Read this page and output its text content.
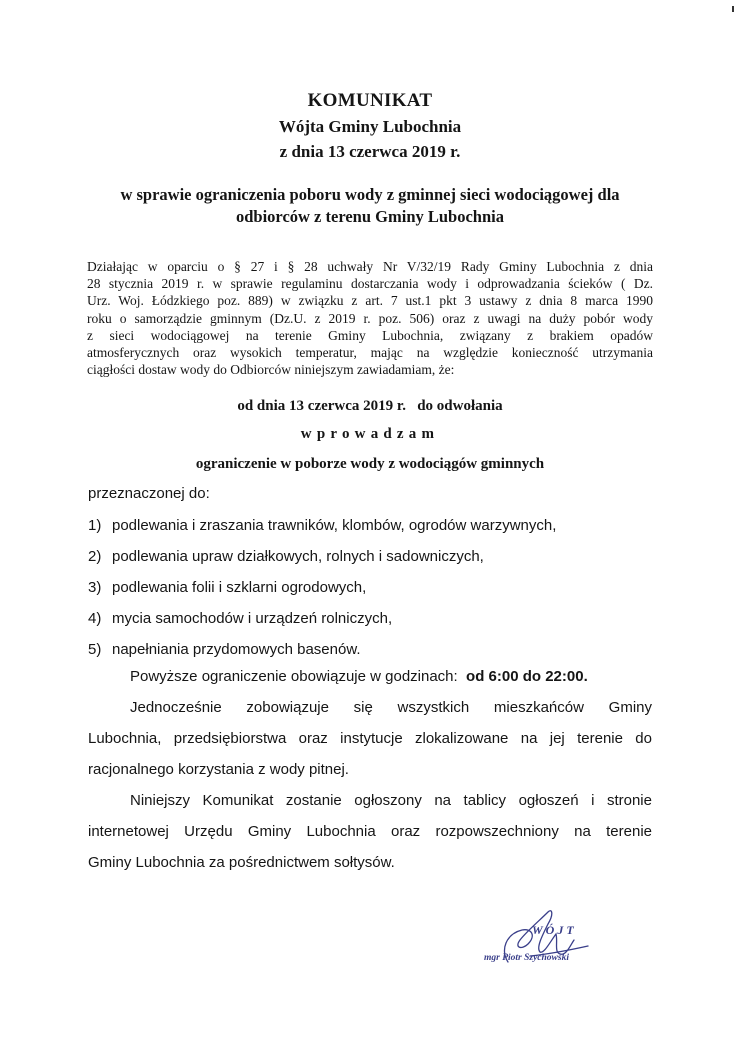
KOMUNIKAT
Wójta Gminy Lubochnia
z dnia 13 czerwca 2019 r.
w sprawie ograniczenia poboru wody z gminnej sieci wodociągowej dla
odbiorców z terenu Gminy Lubochnia
Działając w oparciu o § 27 i § 28 uchwały Nr V/32/19 Rady Gminy Lubochnia z dnia
28 stycznia 2019 r. w sprawie regulaminu dostarczania wody i odprowadzania ścieków ( Dz.
Urz. Woj. Łódzkiego poz. 889) w związku z art. 7 ust.1 pkt 3 ustawy z dnia 8 marca 1990
roku o samorządzie gminnym (Dz.U. z 2019 r. poz. 506) oraz z uwagi na duży pobór wody
z sieci wodociągowej na terenie Gminy Lubochnia, związany z brakiem opadów
atmosferycznych oraz wysokich temperatur, mając na względzie konieczność utrzymania
ciągłości dostaw wody do Odbiorców niniejszym zawiadamiam, że:
od dnia 13 czerwca 2019 r.   do odwołania
wprowadzam
ograniczenie w poborze wody z wodociągów gminnych
przeznaczonej do:
1) podlewania i zraszania trawników, klombów, ogrodów warzywnych,
2) podlewania upraw działkowych, rolnych i sadowniczych,
3) podlewania folii i szklarni ogrodowych,
4) mycia samochodów i urządzeń rolniczych,
5) napełniania przydomowych basenów.
Powyższe ograniczenie obowiązuje w godzinach: od 6:00 do 22:00.
Jednocześnie zobowiązuje się wszystkich mieszkańców Gminy
Lubochnia, przedsiębiorstwa oraz instytucje zlokalizowane na jej terenie do
racjonalnego korzystania z wody pitnej.
Niniejszy Komunikat zostanie ogłoszony na tablicy ogłoszeń i stronie
internetowej Urzędu Gminy Lubochnia oraz rozpowszechniony na terenie
Gminy Lubochnia za pośrednictwem sołtysów.
WÓJT
mgr Piotr Szychowski
